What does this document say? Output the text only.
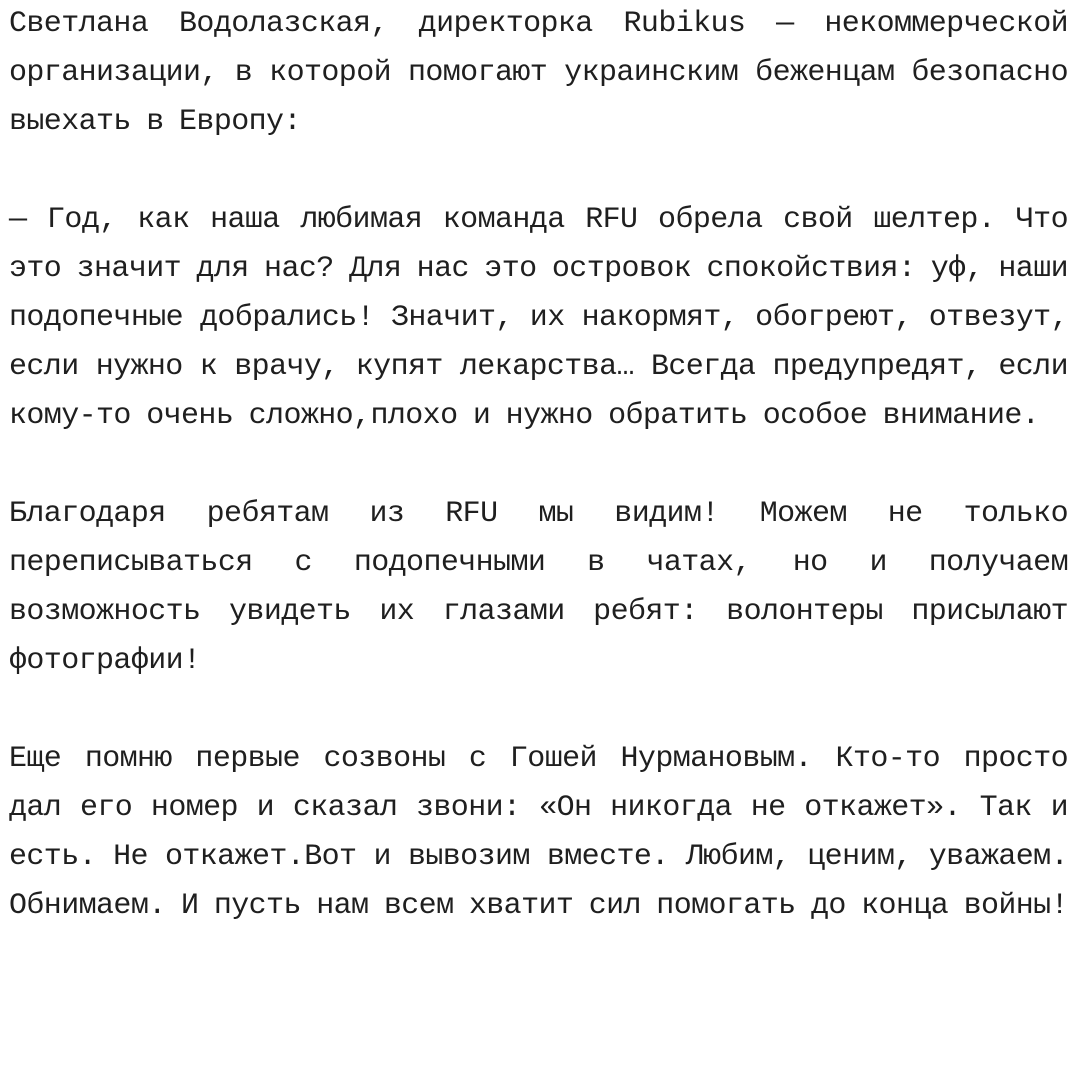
Светлана Водолазская, директорка Rubikus — некоммерческой организации, в которой помогают украинским беженцам безопасно выехать в Европу:

— Год, как наша любимая команда RFU обрела свой шелтер. Что это значит для нас? Для нас это островок спокойствия: уф, наши подопечные добрались! Значит, их накормят, обогреют, отвезут, если нужно к врачу, купят лекарства… Всегда предупредят, если кому-то очень сложно,плохо и нужно обратить особое внимание.

Благодаря ребятам из RFU мы видим! Можем не только переписываться с подопечными в чатах, но и получаем возможность увидеть их глазами ребят: волонтеры присылают фотографии!

Еще помню первые созвоны с Гошей Нурмановым. Кто-то просто дал его номер и сказал звони: «Он никогда не откажет». Так и есть. Не откажет.Вот и вывозим вместе. Любим, ценим, уважаем. Обнимаем. И пусть нам всем хватит сил помогать до конца войны!
